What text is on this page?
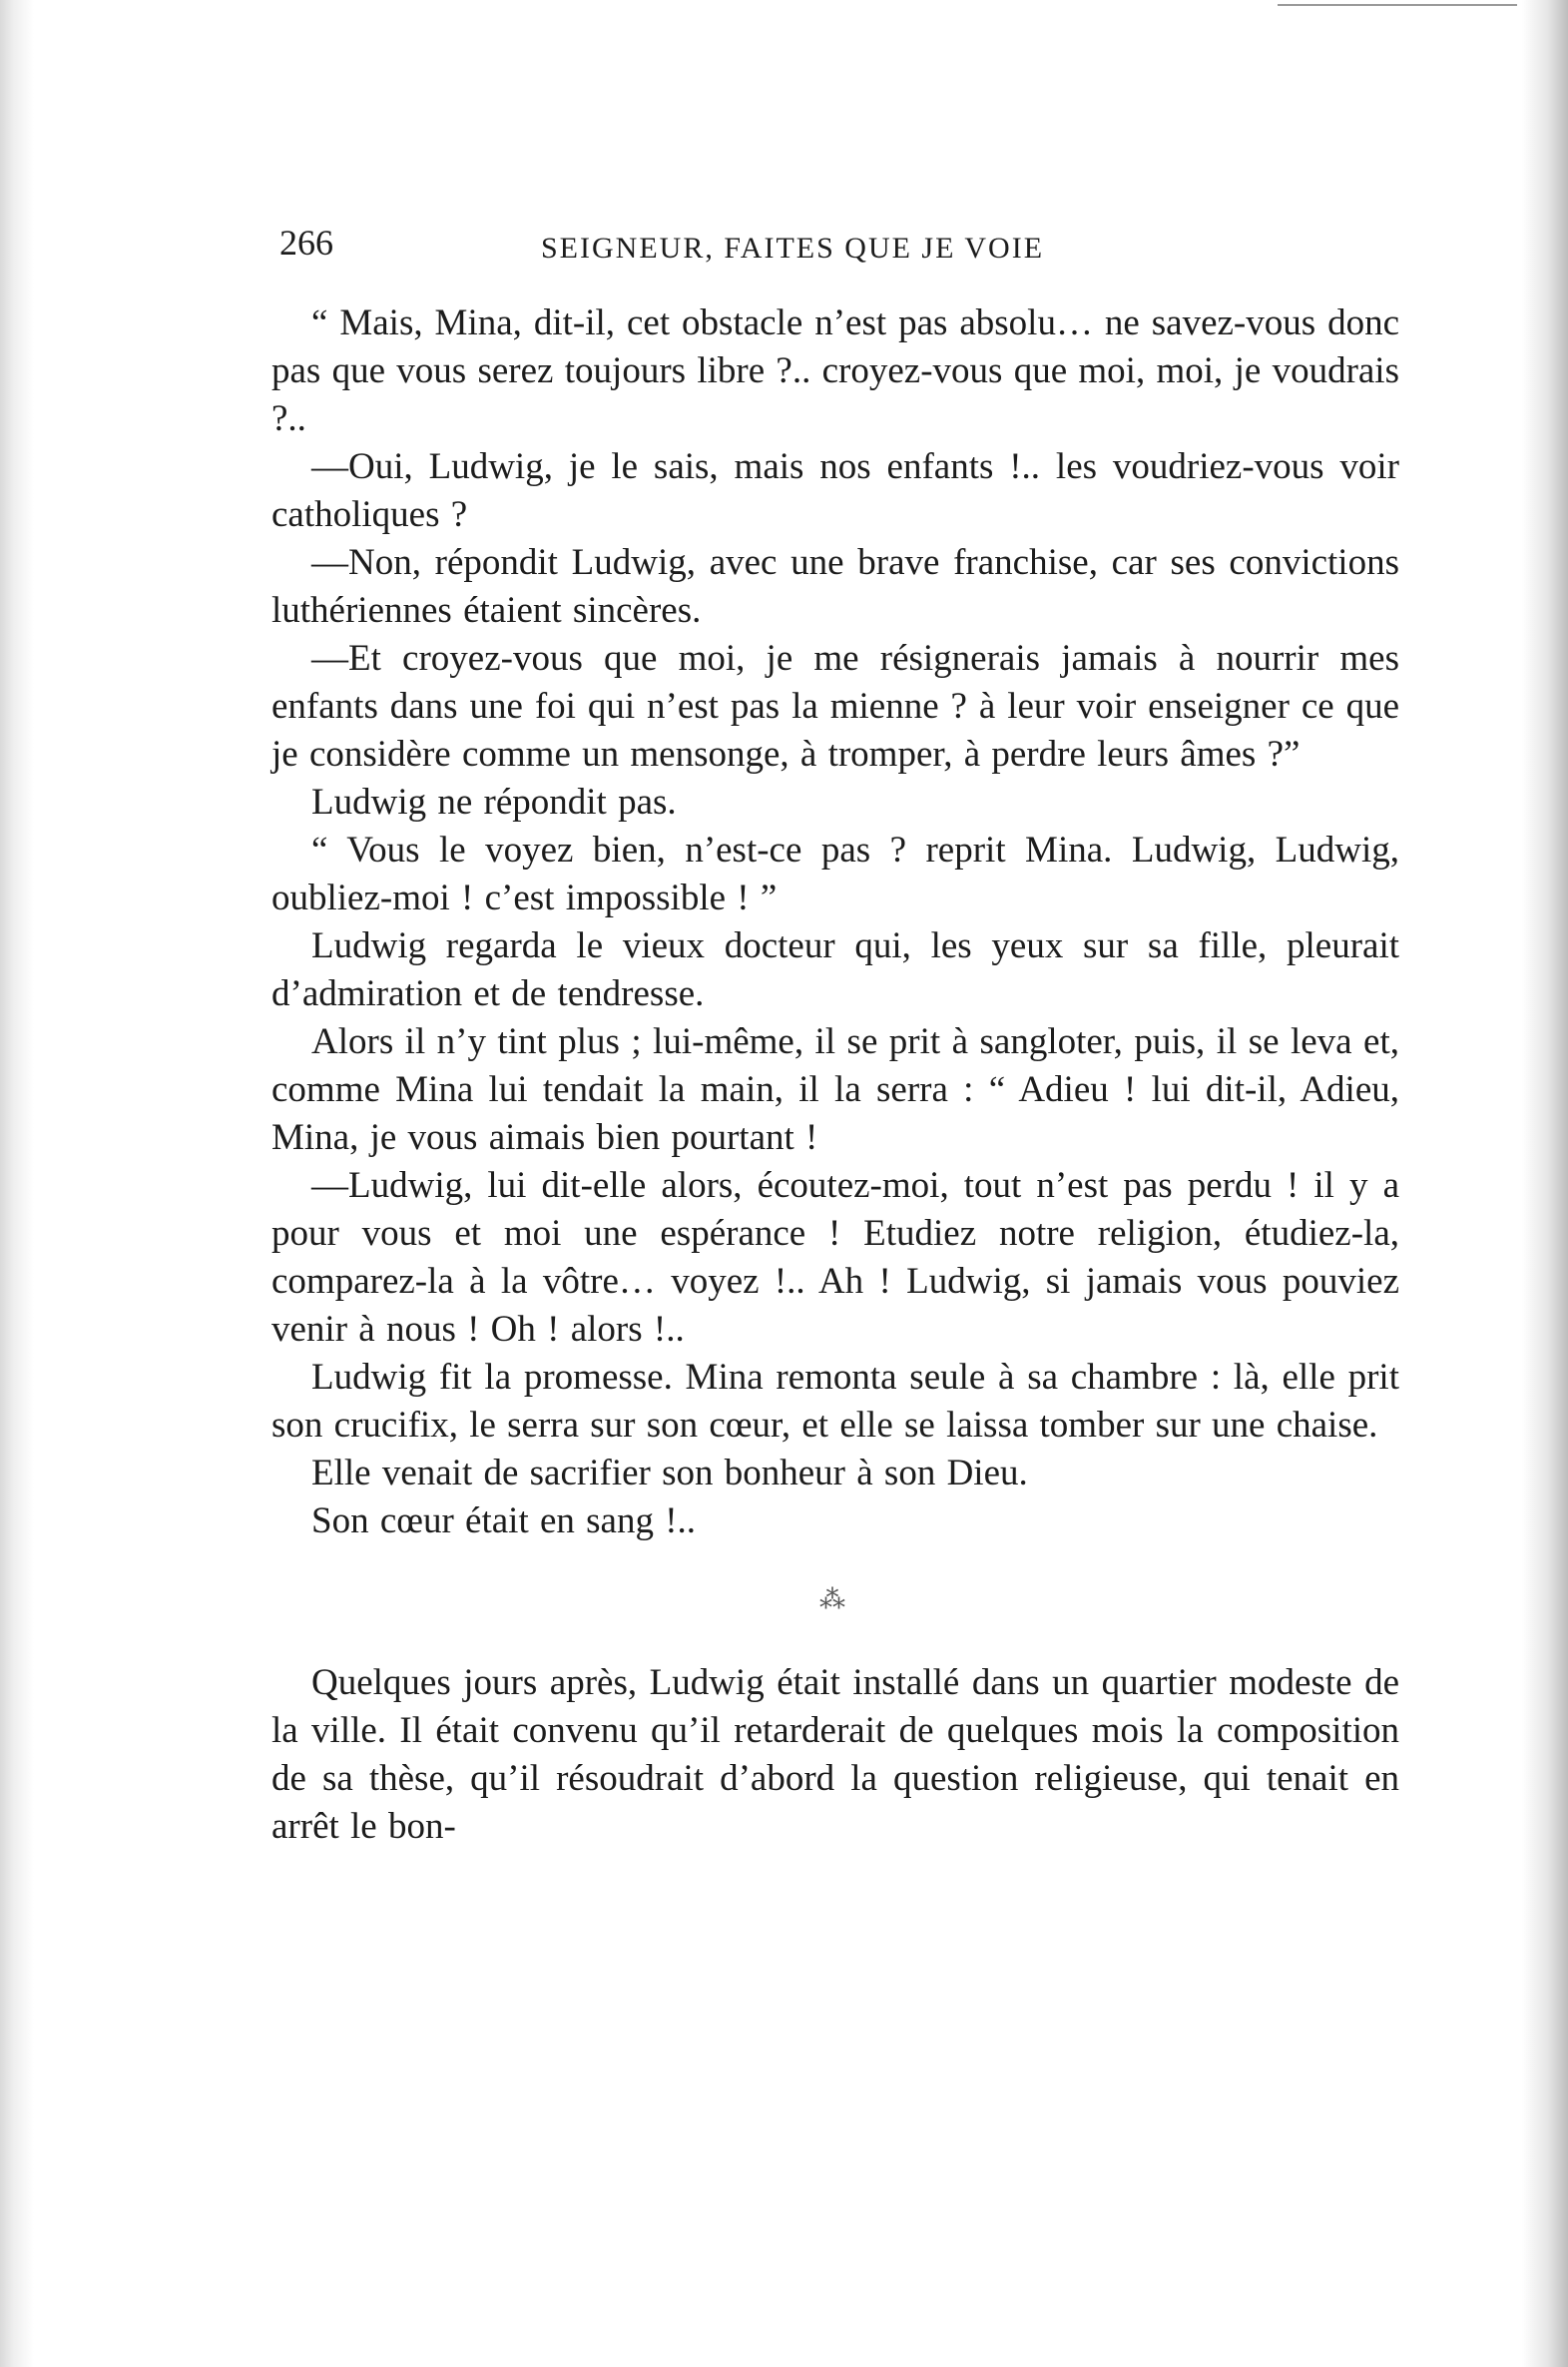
266	SEIGNEUR, FAITES QUE JE VOIE

“ Mais, Mina, dit-il, cet obstacle n’est pas absolu… ne savez-vous donc pas que vous serez toujours libre ?.. croyez-vous que moi, moi, je voudrais ?..

—Oui, Ludwig, je le sais, mais nos enfants !.. les voudriez-vous voir catholiques ?

—Non, répondit Ludwig, avec une brave franchise, car ses convictions luthériennes étaient sincères.

—Et croyez-vous que moi, je me résignerais jamais à nourrir mes enfants dans une foi qui n’est pas la mienne ? à leur voir enseigner ce que je considère comme un mensonge, à tromper, à perdre leurs âmes ?”

Ludwig ne répondit pas.

“ Vous le voyez bien, n’est-ce pas ? reprit Mina. Ludwig, Ludwig, oubliez-moi ! c’est impossible ! ”

Ludwig regarda le vieux docteur qui, les yeux sur sa fille, pleurait d’admiration et de tendresse.

Alors il n’y tint plus ; lui-même, il se prit à sangloter, puis, il se leva et, comme Mina lui tendait la main, il la serra : “ Adieu ! lui dit-il, Adieu, Mina, je vous aimais bien pourtant !

—Ludwig, lui dit-elle alors, écoutez-moi, tout n’est pas perdu ! il y a pour vous et moi une espérance ! Etudiez notre religion, étudiez-la, comparez-la à la vôtre… voyez !.. Ah ! Ludwig, si jamais vous pouviez venir à nous ! Oh ! alors !..

Ludwig fit la promesse. Mina remonta seule à sa chambre : là, elle prit son crucifix, le serra sur son cœur, et elle se laissa tomber sur une chaise.

Elle venait de sacrifier son bonheur à son Dieu.

Son cœur était en sang !..

⁂

Quelques jours après, Ludwig était installé dans un quartier modeste de la ville. Il était convenu qu’il retarderait de quelques mois la composition de sa thèse, qu’il résoudrait d’abord la question religieuse, qui tenait en arrêt le bon-
